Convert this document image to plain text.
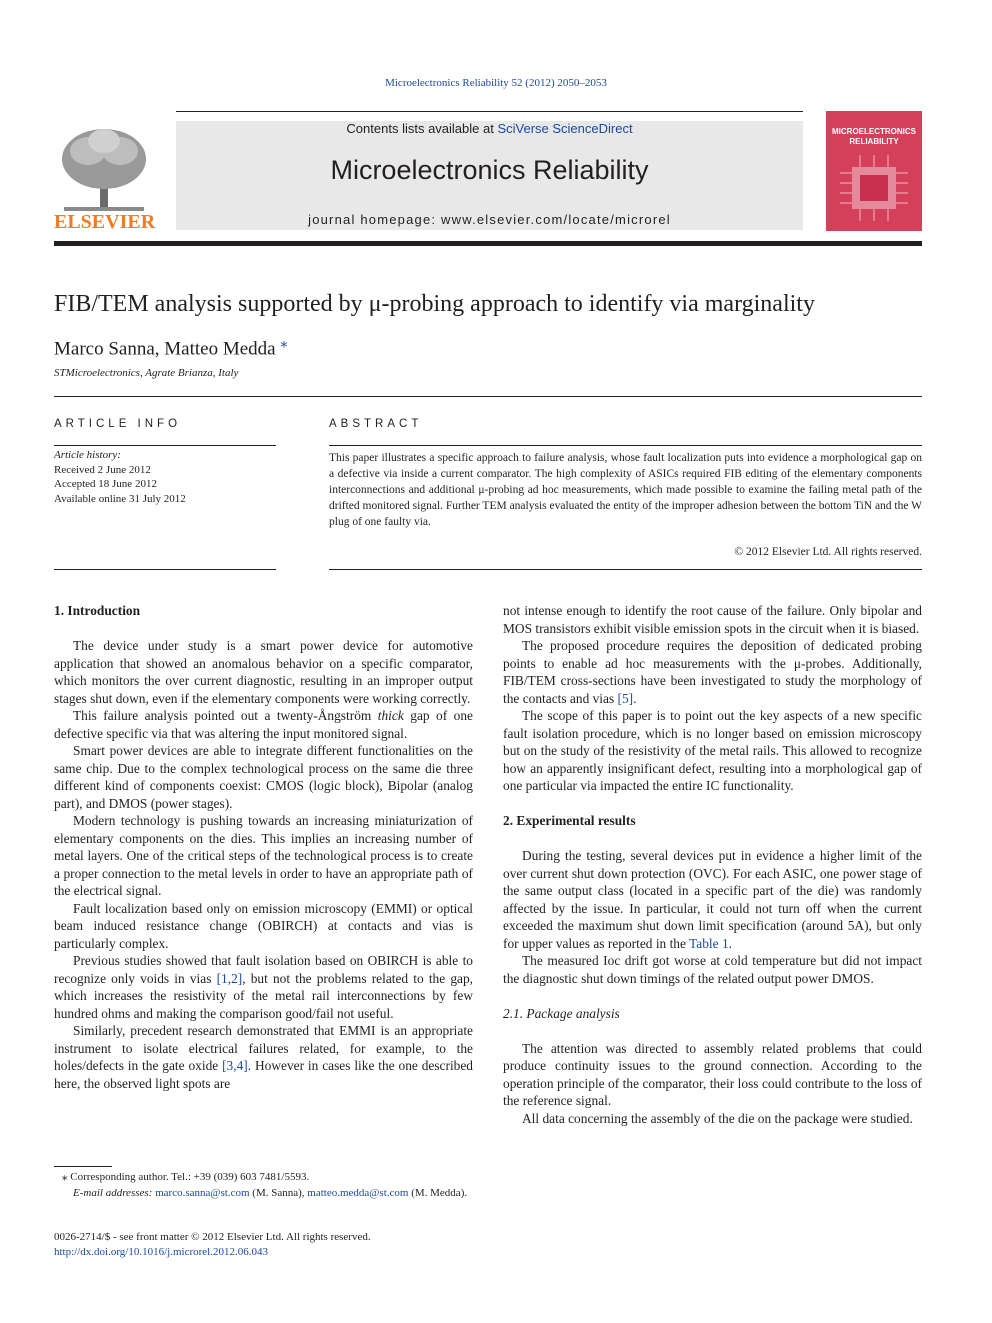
Microelectronics Reliability 52 (2012) 2050–2053
ELSEVIER
Contents lists available at SciVerse ScienceDirect
Microelectronics Reliability
journal homepage: www.elsevier.com/locate/microrel
MICROELECTRONICS
RELIABILITY
FIB/TEM analysis supported by μ-probing approach to identify via marginality
Marco Sanna, Matteo Medda ⁎
STMicroelectronics, Agrate Brianza, Italy
ARTICLE INFO	ABSTRACT
Article history:
Received 2 June 2012
Accepted 18 June 2012
Available online 31 July 2012
This paper illustrates a specific approach to failure analysis, whose fault localization puts into evidence a morphological gap on a defective via inside a current comparator. The high complexity of ASICs required FIB editing of the elementary components interconnections and additional μ-probing ad hoc measurements, which made possible to examine the failing metal path of the drifted monitored signal. Further TEM analysis evaluated the entity of the improper adhesion between the bottom TiN and the W plug of one faulty via.
© 2012 Elsevier Ltd. All rights reserved.

1. Introduction

The device under study is a smart power device for automotive application that showed an anomalous behavior on a specific comparator, which monitors the over current diagnostic, resulting in an improper output stages shut down, even if the elementary components were working correctly.

This failure analysis pointed out a twenty-Ångström thick gap of one defective specific via that was altering the input monitored signal.

Smart power devices are able to integrate different functionalities on the same chip. Due to the complex technological process on the same die three different kind of components coexist: CMOS (logic block), Bipolar (analog part), and DMOS (power stages).

Modern technology is pushing towards an increasing miniaturization of elementary components on the dies. This implies an increasing number of metal layers. One of the critical steps of the technological process is to create a proper connection to the metal levels in order to have an appropriate path of the electrical signal.

Fault localization based only on emission microscopy (EMMI) or optical beam induced resistance change (OBIRCH) at contacts and vias is particularly complex.

Previous studies showed that fault isolation based on OBIRCH is able to recognize only voids in vias [1,2], but not the problems related to the gap, which increases the resistivity of the metal rail interconnections by few hundred ohms and making the comparison good/fail not useful.

Similarly, precedent research demonstrated that EMMI is an appropriate instrument to isolate electrical failures related, for example, to the holes/defects in the gate oxide [3,4]. However in cases like the one described here, the observed light spots are

not intense enough to identify the root cause of the failure. Only bipolar and MOS transistors exhibit visible emission spots in the circuit when it is biased.

The proposed procedure requires the deposition of dedicated probing points to enable ad hoc measurements with the μ-probes. Additionally, FIB/TEM cross-sections have been investigated to study the morphology of the contacts and vias [5].

The scope of this paper is to point out the key aspects of a new specific fault isolation procedure, which is no longer based on emission microscopy but on the study of the resistivity of the metal rails. This allowed to recognize how an apparently insignificant defect, resulting into a morphological gap of one particular via impacted the entire IC functionality.

2. Experimental results

During the testing, several devices put in evidence a higher limit of the over current shut down protection (OVC). For each ASIC, one power stage of the same output class (located in a specific part of the die) was randomly affected by the issue. In particular, it could not turn off when the current exceeded the maximum shut down limit specification (around 5A), but only for upper values as reported in the Table 1.

The measured Ioc drift got worse at cold temperature but did not impact the diagnostic shut down timings of the related output power DMOS.

2.1. Package analysis

The attention was directed to assembly related problems that could produce continuity issues to the ground connection. According to the operation principle of the comparator, their loss could contribute to the loss of the reference signal.

All data concerning the assembly of the die on the package were studied.

⁎ Corresponding author. Tel.: +39 (039) 603 7481/5593.
E-mail addresses: marco.sanna@st.com (M. Sanna), matteo.medda@st.com (M. Medda).
0026-2714/$ - see front matter © 2012 Elsevier Ltd. All rights reserved.
http://dx.doi.org/10.1016/j.microrel.2012.06.043
